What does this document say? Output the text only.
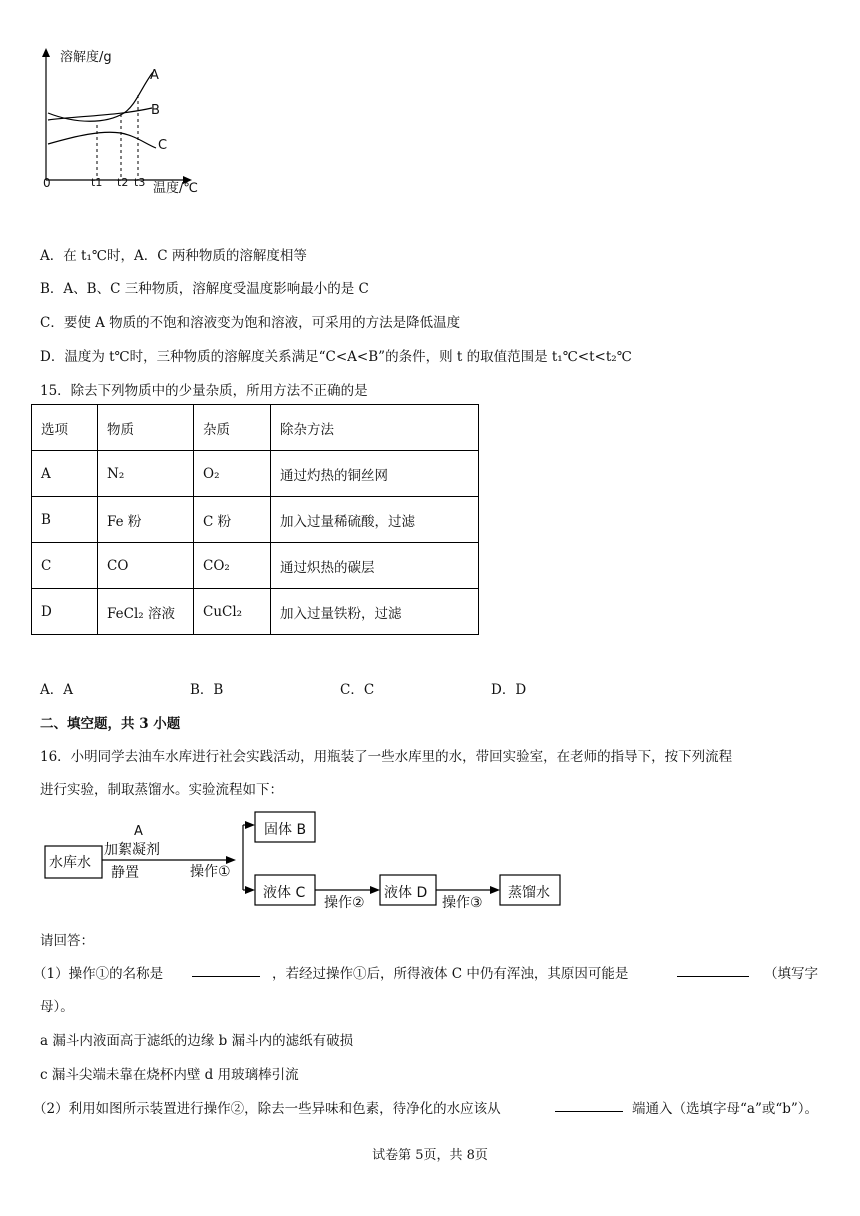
溶解度/g
A
B
C
0	t1 t2 t3 温度/℃
A．在 t₁℃时，A．C 两种物质的溶解度相等
B．A、B、C 三种物质，溶解度受温度影响最小的是 C
C．要使 A 物质的不饱和溶液变为饱和溶液，可采用的方法是降低温度
D．温度为 t℃时，三种物质的溶解度关系满足“C<A<B”的条件，则 t 的取值范围是 t₁℃<t<t₂℃
15．除去下列物质中的少量杂质，所用方法不正确的是
选项	物质	杂质	除杂方法
A	N₂	O₂	通过灼热的铜丝网
B	Fe 粉	C 粉	加入过量稀硫酸，过滤
C	CO	CO₂	通过炽热的碳层
D	FeCl₂ 溶液	CuCl₂	加入过量铁粉，过滤
A．A	B．B	C．C	D．D
二、填空题，共 3 小题
16．小明同学去油车水库进行社会实践活动，用瓶装了一些水库里的水，带回实验室，在老师的指导下，按下列流程
进行实验，制取蒸馏水。实验流程如下：
水库水
A
加絮凝剂
静置	操作①
固体 B
液体 C
操作②
液体 D
操作③
蒸馏水
请回答：
（1）操作①的名称是	，若经过操作①后，所得液体 C 中仍有浑浊，其原因可能是	（填写字
母）。
a 漏斗内液面高于滤纸的边缘 b 漏斗内的滤纸有破损
c 漏斗尖端未靠在烧杯内壁 d 用玻璃棒引流
（2）利用如图所示装置进行操作②，除去一些异味和色素，待净化的水应该从	端通入（选填字母“a”或“b”）。
试卷第 5页，共 8页
